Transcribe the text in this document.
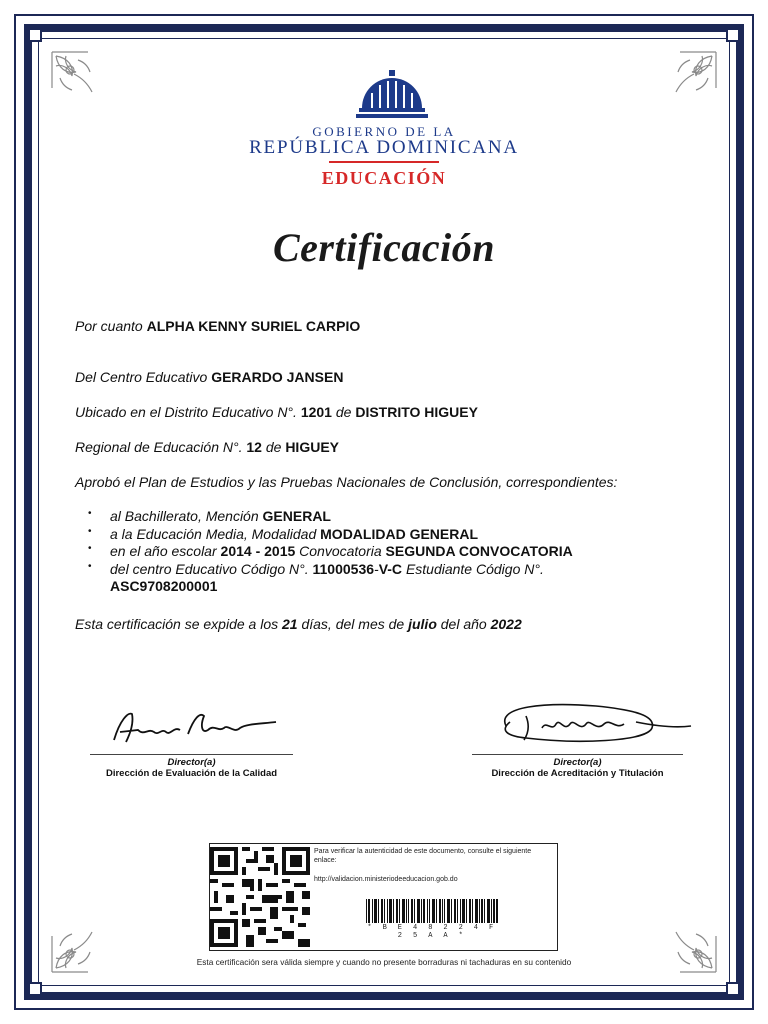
GOBIERNO DE LA
REPÚBLICA DOMINICANA
EDUCACIÓN
Certificación
Por cuanto ALPHA KENNY SURIEL CARPIO
Del Centro Educativo GERARDO JANSEN
Ubicado en el Distrito Educativo N°. 1201 de DISTRITO HIGUEY
Regional de Educación N°. 12 de HIGUEY
Aprobó el Plan de Estudios y las Pruebas Nacionales de Conclusión, correspondientes:
• al Bachillerato, Mención GENERAL
• a la Educación Media, Modalidad MODALIDAD GENERAL
• en el año escolar 2014 - 2015 Convocatoria SEGUNDA CONVOCATORIA
• del centro Educativo Código N°. 11000536-V-C Estudiante Código N°.
ASC9708200001
Esta certificación se expide a los 21 días, del mes de julio del año 2022
Director(a)
Dirección de Evaluación de la Calidad
Director(a)
Dirección de Acreditación y Titulación
Para verificar la autenticidad de este documento, consulte el siguiente enlace:
http://validacion.ministeriodeeducacion.gob.do
* B E 4 8 2 2 4 F 2 5 A A *
Esta certificación sera válida siempre y cuando no presente borraduras ni tachaduras en su contenido
